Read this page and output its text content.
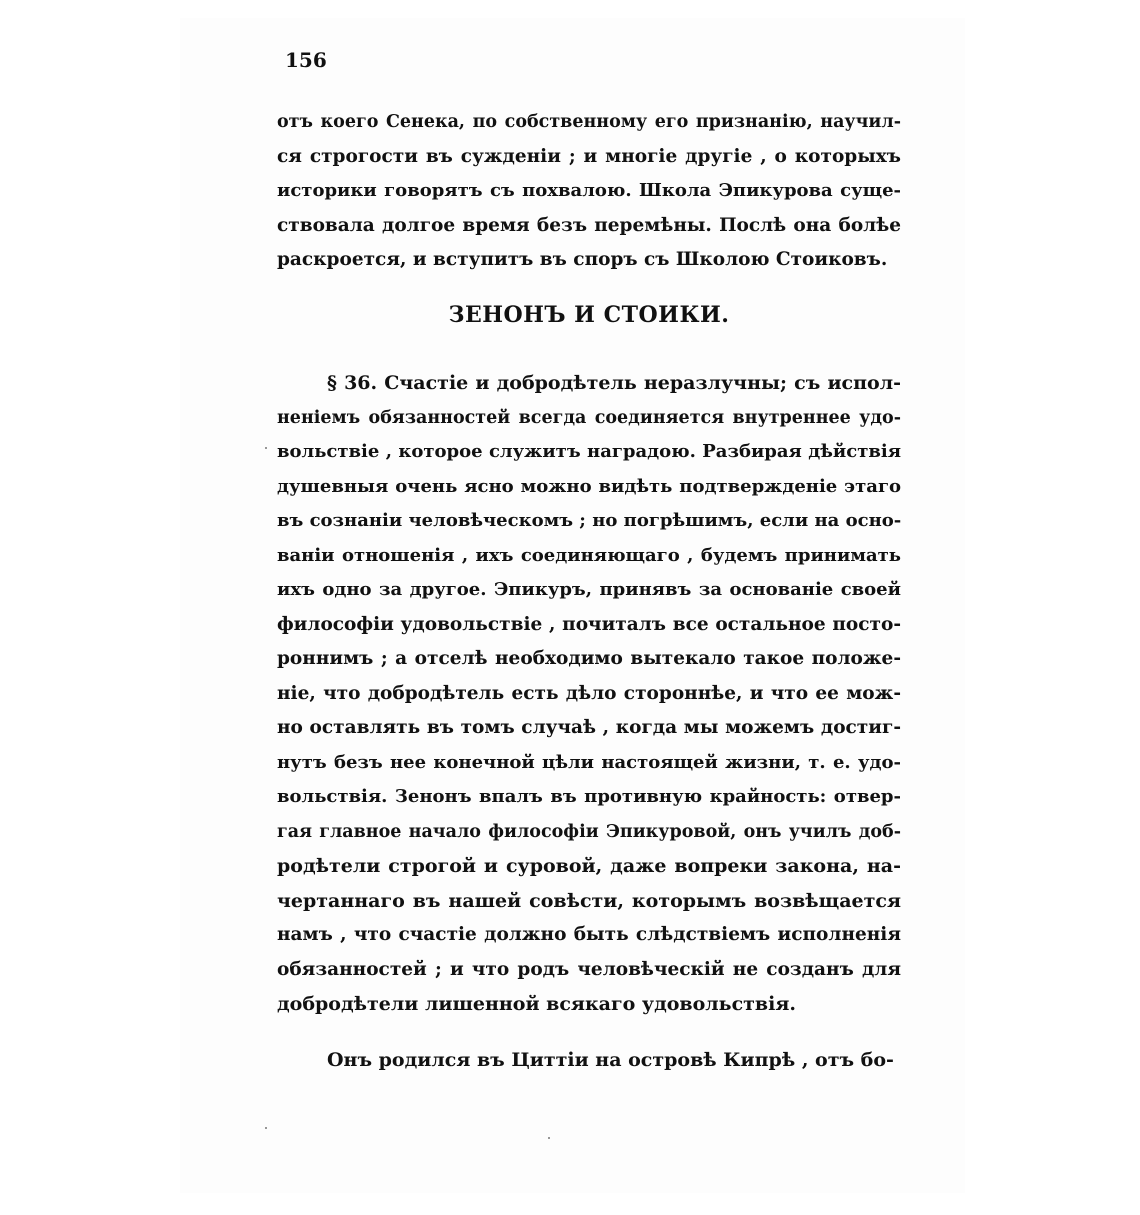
156
отъ коего Сенека, по собственному его признанію, научил-
ся строгости въ сужденіи ; и многіе другіе , о которыхъ
историки говорятъ съ похвалою. Школа Эпикурова суще-
ствовала долгое время безъ перемѣны. Послѣ она болѣе
раскроется, и вступитъ въ споръ съ Школою Стоиковъ.
ЗЕНОНЪ И СТОИКИ.
§ 36. Счастіе и добродѣтель неразлучны; съ испол-
неніемъ обязанностей всегда соединяется внутреннее удо-
вольствіе , которое служитъ наградою. Разбирая дѣйствія
душевныя очень ясно можно видѣть подтвержденіе этаго
въ сознаніи человѣческомъ ; но погрѣшимъ, если на осно-
ваніи отношенія , ихъ соединяющаго , будемъ принимать
ихъ одно за другое. Эпикуръ, принявъ за основаніе своей
философіи удовольствіе , почиталъ все остальное посто-
роннимъ ; а отселѣ необходимо вытекало такое положе-
ніе, что добродѣтель есть дѣло стороннѣе, и что ее мож-
но оставлять въ томъ случаѣ , когда мы можемъ достиг-
нутъ безъ нее конечной цѣли настоящей жизни, т. е. удо-
вольствія. Зенонъ впалъ въ противную крайность: отвер-
гая главное начало философіи Эпикуровой, онъ училъ доб-
родѣтели строгой и суровой, даже вопреки закона, на-
чертаннаго въ нашей совѣсти, которымъ возвѣщается
намъ , что счастіе должно быть слѣдствіемъ исполненія
обязанностей ; и что родъ человѣческій не созданъ для
добродѣтели лишенной всякаго удовольствія.
Онъ родился въ Циттіи на островѣ Кипрѣ , отъ бо-
